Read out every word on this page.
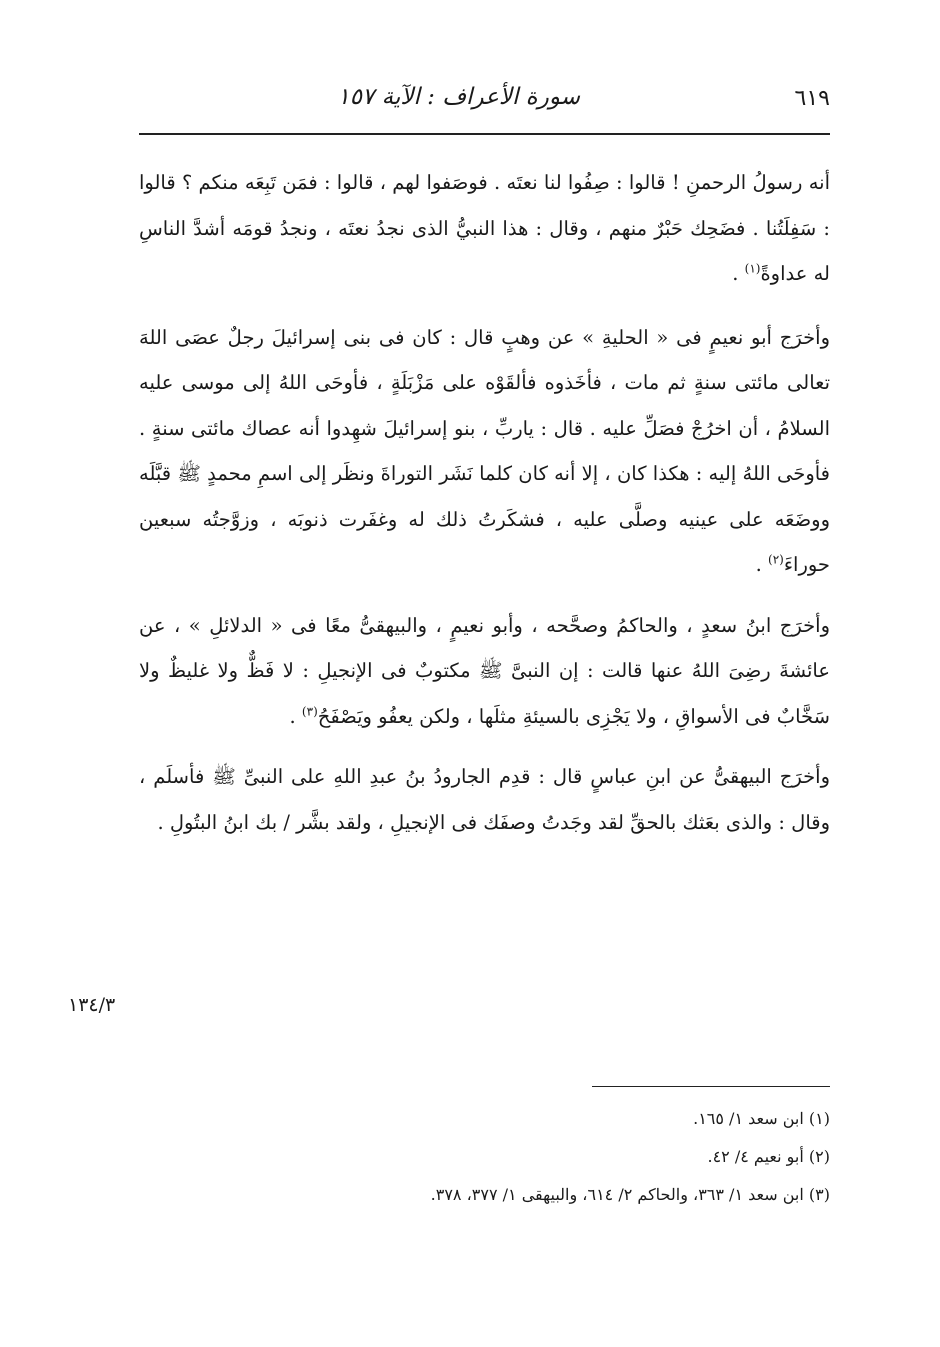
٦١٩
سورة الأعراف : الآية ١٥٧

أنه رسولُ الرحمنِ ! قالوا : صِفُوا لنا نعتَه . فوصَفوا لهم ، قالوا : فمَن تَبِعَه منكم ؟ قالوا : سَفِلَتُنا . فضَحِك حَبْرٌ منهم ، وقال : هذا النبيُّ الذى نجدُ نعتَه ، ونجدُ قومَه أشدَّ الناسِ له عداوةً$^{(١)}$ .

وأخرَج أبو نعيمٍ فى « الحليةِ » عن وهبٍ قال : كان فى بنى إسرائيلَ رجلٌ عصَى اللهَ تعالى مائتى سنةٍ ثم مات ، فأخَذوه فألقَوْه على مَزْبَلَةٍ ، فأوحَى اللهُ إلى موسى عليه السلامُ ، أن اخرُجْ فصَلِّ عليه . قال : ياربِّ ، بنو إسرائيلَ شهِدوا أنه عصاك مائتى سنةٍ . فأوحَى اللهُ إليه : هكذا كان ، إلا أنه كان كلما نَشَر التوراةَ ونظَر إلى اسمِ محمدٍ ﷺ قبَّلَه ووضَعَه على عينيه وصلَّى عليه ، فشكَرتُ ذلك له وغفَرت ذنوبَه ، وزوَّجتُه سبعين حوراءَ$^{(٢)}$ .

وأخرَج ابنُ سعدٍ ، والحاكمُ وصحَّحه ، وأبو نعيمٍ ، والبيهقىُّ معًا فى « الدلائلِ » ، عن عائشةَ رضِىَ اللهُ عنها قالت : إن النبىَّ ﷺ مكتوبٌ فى الإنجيلِ : لا فَظٌّ ولا غليظٌ ولا سَخَّابٌ فى الأسواقِ ، ولا يَجْزِى بالسيئةِ مثلَها ، ولكن يعفُو ويَصْفَحُ$^{(٣)}$ .

وأخرَج البيهقىُّ عن ابنِ عباسٍ قال : قدِم الجارودُ بنُ عبدِ اللهِ على النبىِّ ﷺ فأسلَم ، وقال : والذى بعَثك بالحقِّ لقد وجَدتُ وصفَك فى الإنجيلِ ، ولقد بشَّر / بك ابنُ البتُولِ .

١٣٤/٣
(١) ابن سعد ١/ ١٦٥.
(٢) أبو نعيم ٤/ ٤٢.
(٣) ابن سعد ١/ ٣٦٣، والحاكم ٢/ ٦١٤، والبيهقى ١/ ٣٧٧، ٣٧٨.
